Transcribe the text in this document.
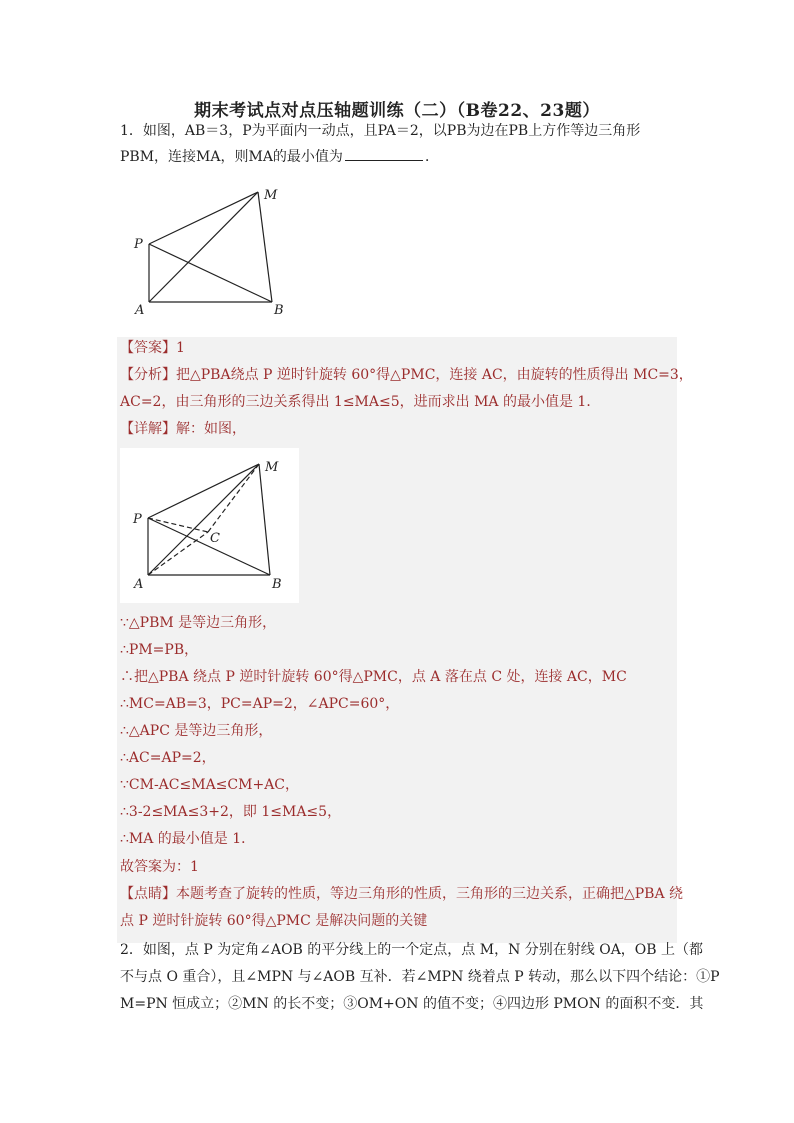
期末考试点对点压轴题训练（二）（B卷22、23题）
1．如图，AB＝3，P为平面内一动点，且PA＝2，以PB为边在PB上方作等边三角形
PBM，连接MA，则MA的最小值为	．
M
P
A	B
【答案】1
【分析】把△PBA绕点 P 逆时针旋转 60°得△PMC，连接 AC，由旋转的性质得出 MC=3，
AC=2，由三角形的三边关系得出 1≤MA≤5，进而求出 MA 的最小值是 1．
【详解】解：如图，
M
P
C
A	B
∵△PBM 是等边三角形，
∴PM=PB，
∴把△PBA 绕点 P 逆时针旋转 60°得△PMC，点 A 落在点 C 处，连接 AC，MC
∴MC=AB=3，PC=AP=2，∠APC=60°，
∴△APC 是等边三角形，
∴AC=AP=2，
∵CM-AC≤MA≤CM+AC，
∴3-2≤MA≤3+2，即 1≤MA≤5，
∴MA 的最小值是 1．
故答案为：1
【点睛】本题考查了旋转的性质，等边三角形的性质，三角形的三边关系，正确把△PBA 绕
点 P 逆时针旋转 60°得△PMC 是解决问题的关键
2．如图，点 P 为定角∠AOB 的平分线上的一个定点，点 M，N 分别在射线 OA，OB 上（都
不与点 O 重合），且∠MPN 与∠AOB 互补．若∠MPN 绕着点 P 转动，那么以下四个结论：①P
M=PN 恒成立；②MN 的长不变；③OM+ON 的值不变；④四边形 PMON 的面积不变．其
